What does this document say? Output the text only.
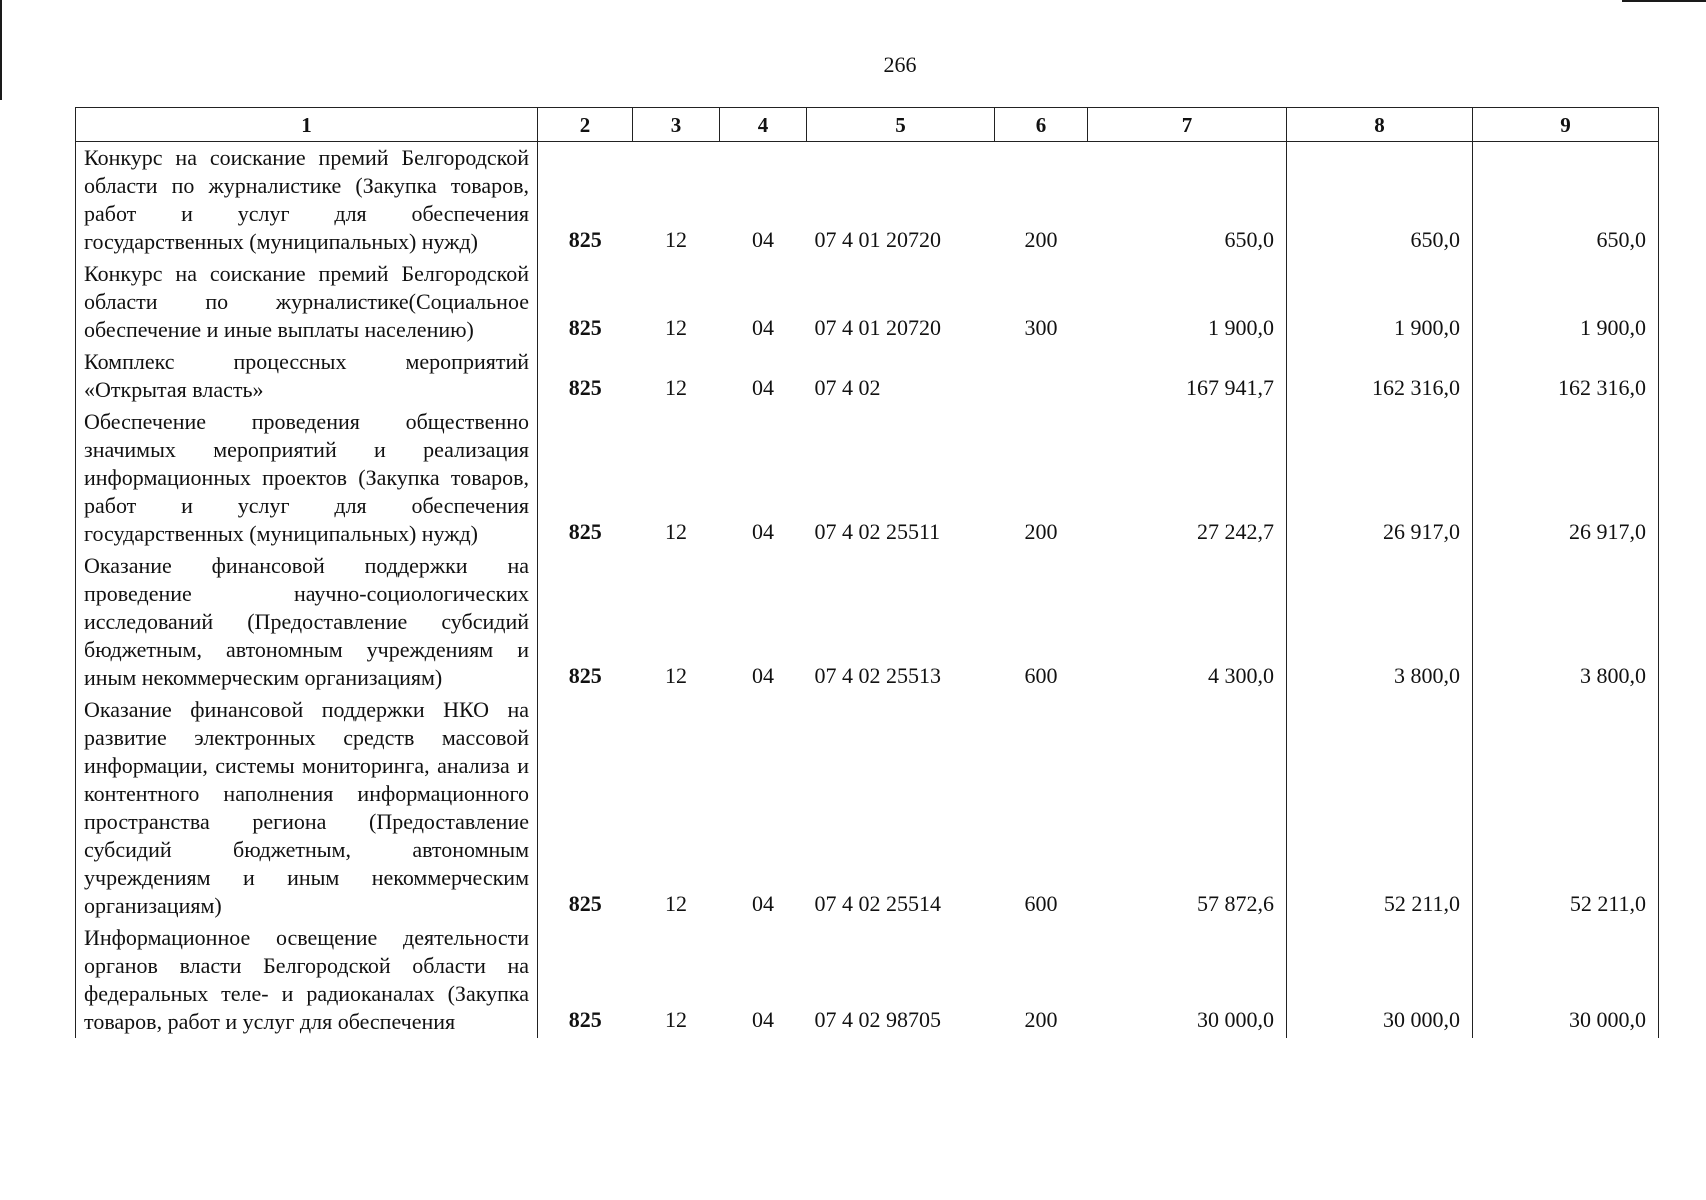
266
1	2	3	4	5	6	7	8	9
Конкурс на соискание премий Белгородской области по журналистике (Закупка товаров, работ и услуг для обеспечения государственных (муниципальных) нужд)	825	12	04	07 4 01 20720	200	650,0	650,0	650,0
Конкурс на соискание премий Белгородской области по журналистике(Социальное обеспечение и иные выплаты населению)	825	12	04	07 4 01 20720	300	1 900,0	1 900,0	1 900,0
Комплекс процессных мероприятий «Открытая власть»	825	12	04	07 4 02		167 941,7	162 316,0	162 316,0
Обеспечение проведения общественно значимых мероприятий и реализация информационных проектов (Закупка товаров, работ и услуг для обеспечения государственных (муниципальных) нужд)	825	12	04	07 4 02 25511	200	27 242,7	26 917,0	26 917,0
Оказание финансовой поддержки на проведение научно-социологических исследований (Предоставление субсидий бюджетным, автономным учреждениям и иным некоммерческим организациям)	825	12	04	07 4 02 25513	600	4 300,0	3 800,0	3 800,0
Оказание финансовой поддержки НКО на развитие электронных средств массовой информации, системы мониторинга, анализа и контентного наполнения информационного пространства региона (Предоставление субсидий бюджетным, автономным учреждениям и иным некоммерческим организациям)	825	12	04	07 4 02 25514	600	57 872,6	52 211,0	52 211,0
Информационное освещение деятельности органов власти Белгородской области на федеральных теле- и радиоканалах (Закупка товаров, работ и услуг для обеспечения	825	12	04	07 4 02 98705	200	30 000,0	30 000,0	30 000,0
